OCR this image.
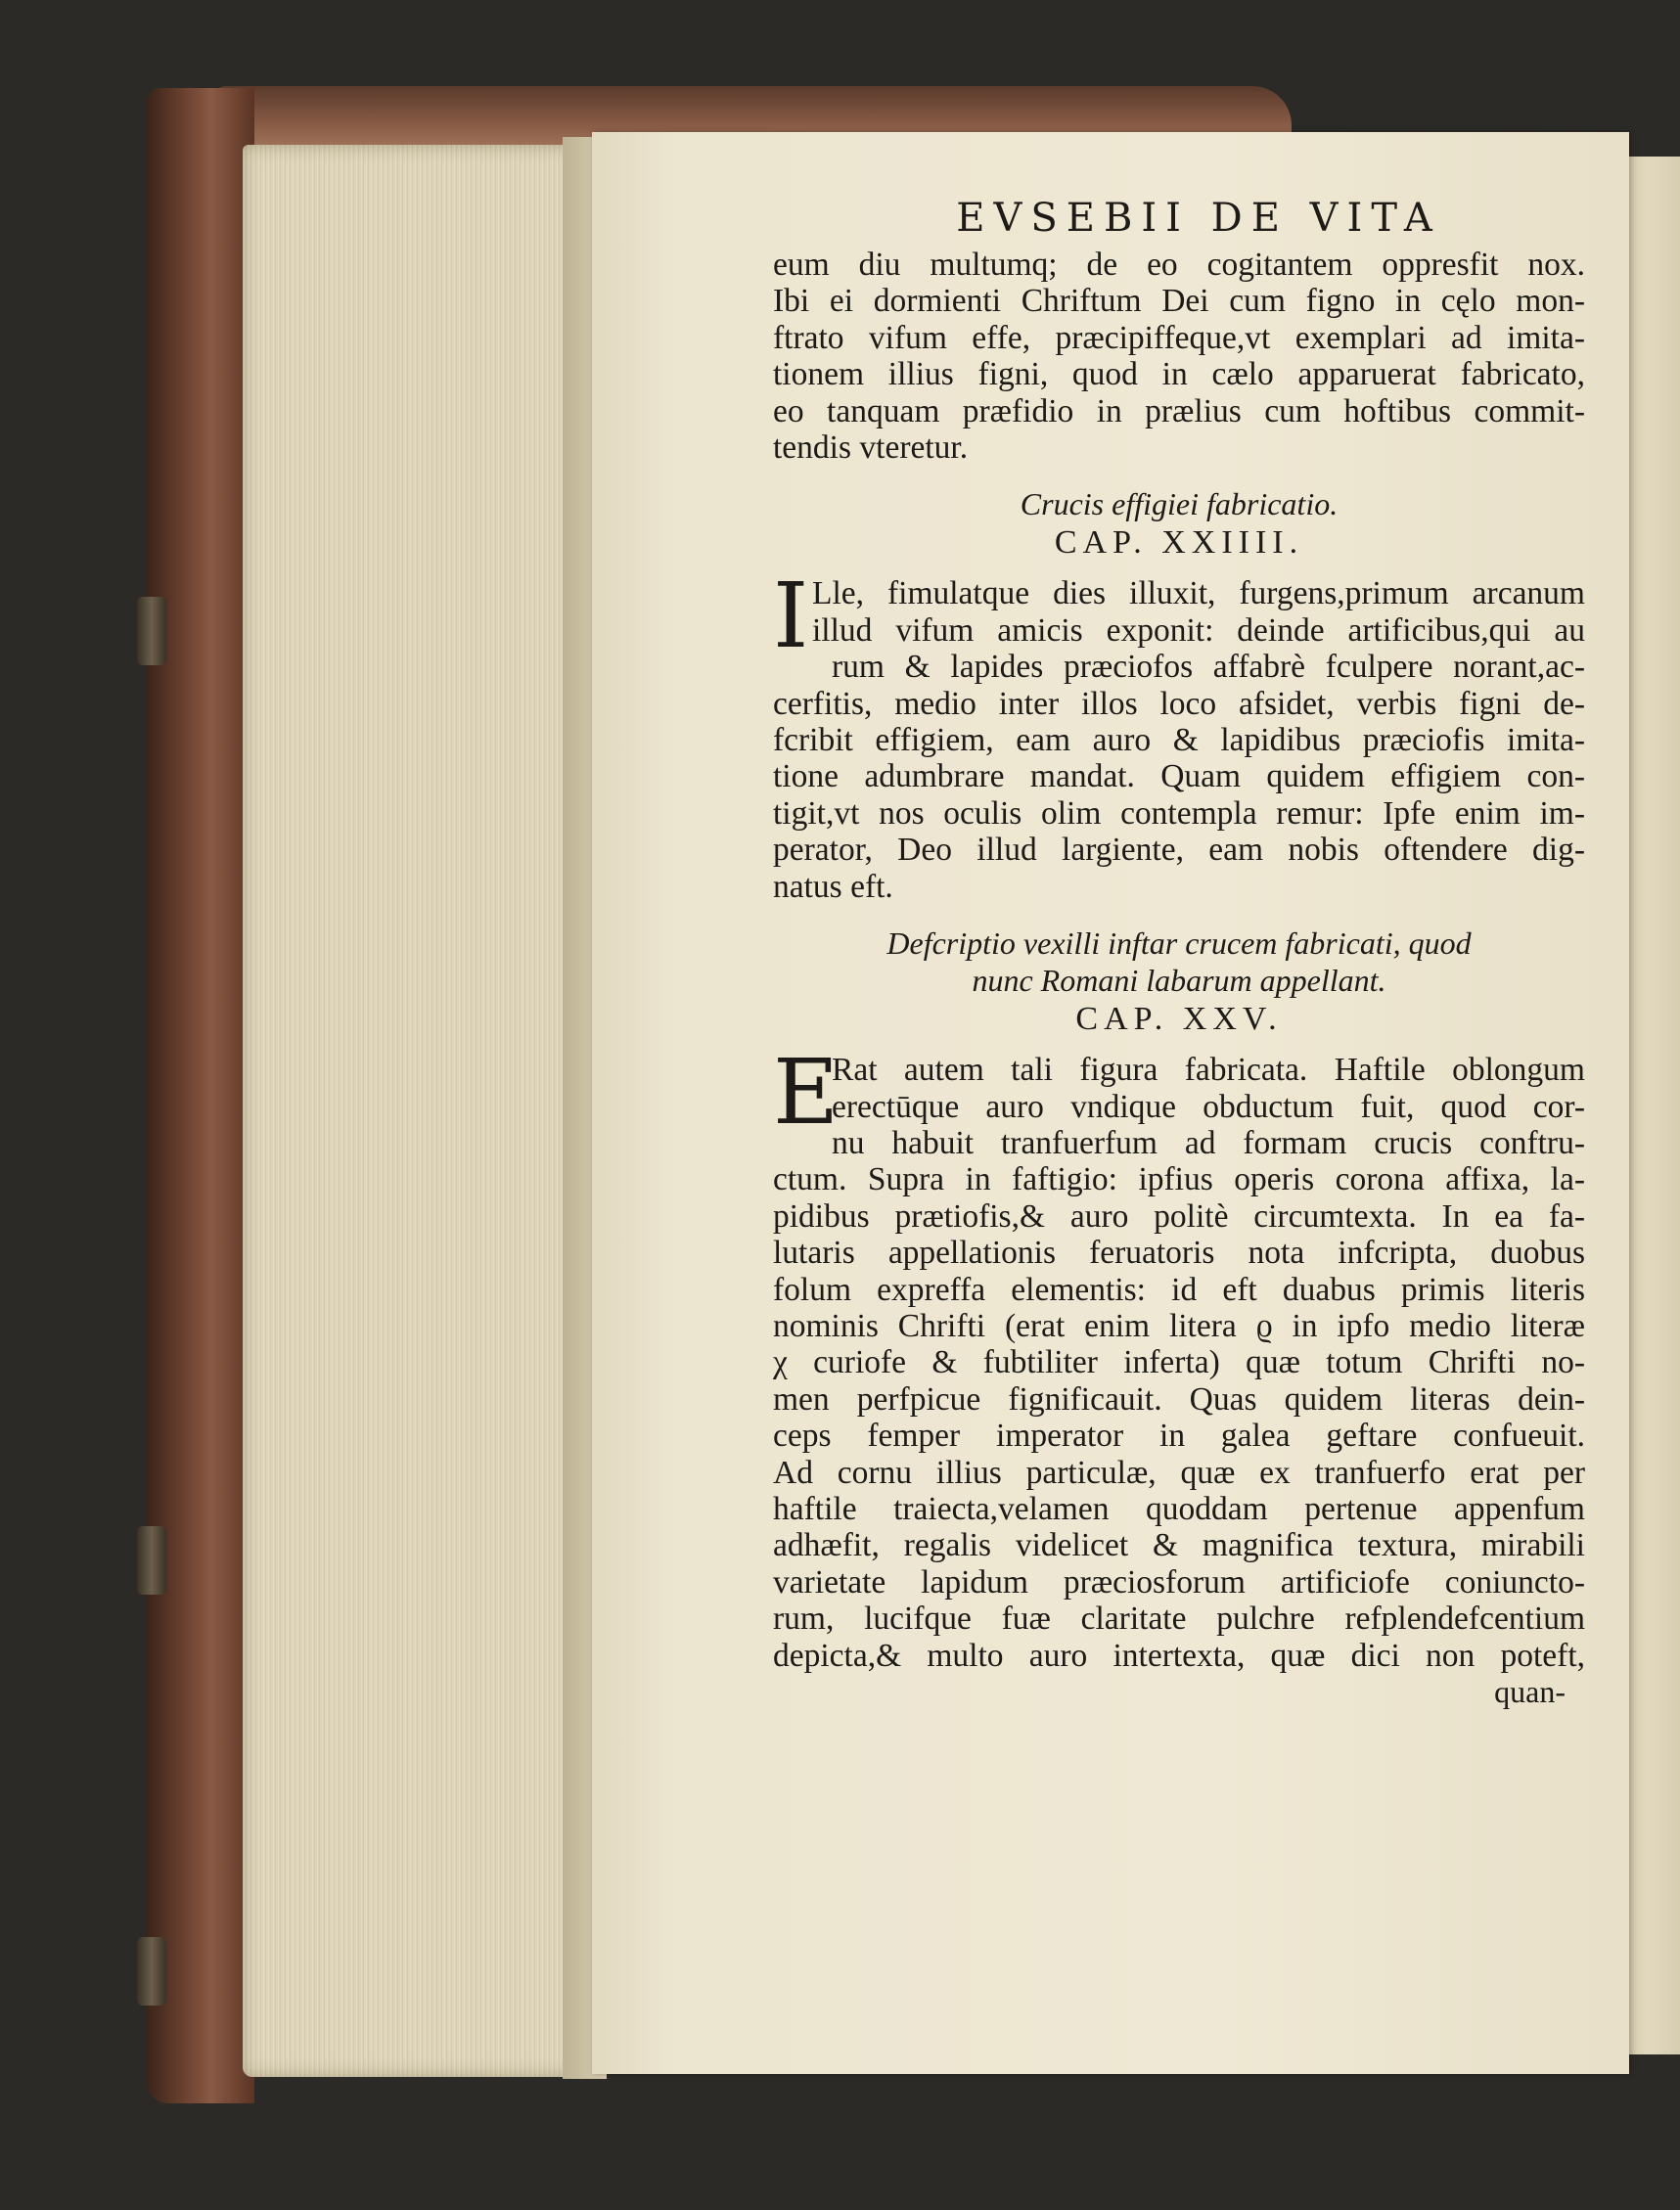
EVSEBII DE VITA

eum diu multumq; de eo cogitantem oppresfit nox.

Ibi ei dormienti Chriftum Dei cum figno in cęlo mon-

ftrato vifum effe, præcipiffeque,vt exemplari ad imita-

tionem illius figni, quod in cælo apparuerat fabricato,

eo tanquam præfidio in prælius cum hoftibus commit-

tendis vteretur.

Crucis effigiei fabricatio.

CAP. XXIIII.

I Lle, fimulatque dies illuxit, furgens,primum arcanum

illud vifum amicis exponit: deinde artificibus,qui au

rum & lapides præciofos affabrè fculpere norant,ac-

cerfitis, medio inter illos loco afsidet, verbis figni de-

fcribit effigiem, eam auro & lapidibus præciofis imita-

tione adumbrare mandat. Quam quidem effigiem con-

tigit,vt nos oculis olim contempla remur: Ipfe enim im-

perator, Deo illud largiente, eam nobis oftendere dig-

natus eft.

Defcriptio vexilli inftar crucem fabricati, quod

nunc Romani labarum appellant.

CAP. XXV.

E

Rat autem tali figura fabricata. Haftile oblongum

erectūque auro vndique obductum fuit, quod cor-

nu habuit tranfuerfum ad formam crucis conftru-

ctum. Supra in faftigio: ipfius operis corona affixa, la-

pidibus prætiofis,& auro politè circumtexta. In ea fa-

lutaris appellationis feruatoris nota infcripta, duobus

folum expreffa elementis: id eft duabus primis literis

nominis Chrifti (erat enim litera ϱ in ipfo medio literæ

χ curiofe & fubtiliter inferta) quæ totum Chrifti no-

men perfpicue fignificauit. Quas quidem literas dein-

ceps femper imperator in galea geftare confueuit.

Ad cornu illius particulæ, quæ ex tranfuerfo erat per

haftile traiecta,velamen quoddam pertenue appenfum

adhæfit, regalis videlicet & magnifica textura, mirabili

varietate lapidum præciosforum artificiofe coniuncto-

rum, lucifque fuæ claritate pulchre refplendefcentium

depicta,& multo auro intertexta, quæ dici non poteft,

quan-
